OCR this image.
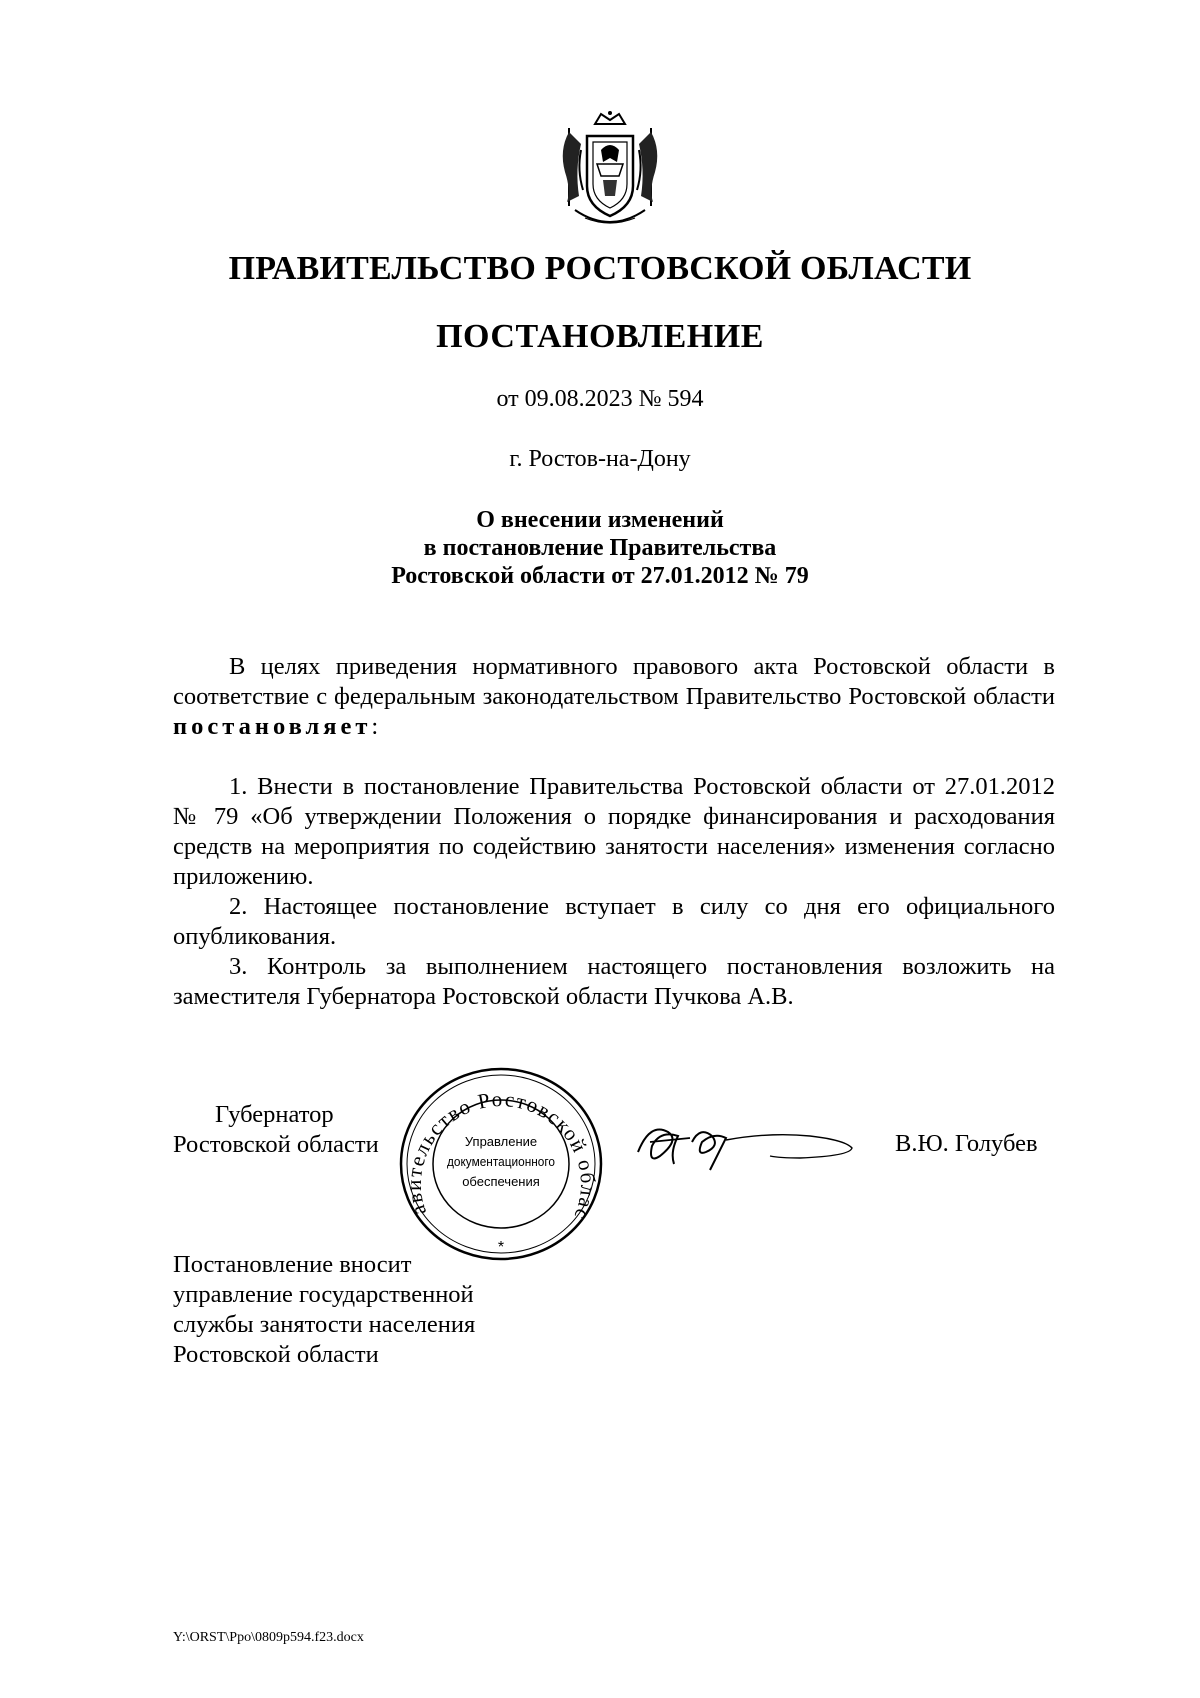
ПРАВИТЕЛЬСТВО РОСТОВСКОЙ ОБЛАСТИ
ПОСТАНОВЛЕНИЕ
от 09.08.2023 № 594
г. Ростов-на-Дону
О внесении изменений
в постановление Правительства
Ростовской области от 27.01.2012 № 79
В целях приведения нормативного правового акта Ростовской области в соответствие с федеральным законодательством Правительство Ростовской области постановляет:
1. Внести в постановление Правительства Ростовской области от 27.01.2012 № 79 «Об утверждении Положения о порядке финансирования и расходования средств на мероприятия по содействию занятости населения» изменения согласно приложению.
2. Настоящее постановление вступает в силу со дня его официального опубликования.
3. Контроль за выполнением настоящего постановления возложить на заместителя Губернатора Ростовской области Пучкова А.В.
Губернатор
Ростовской области
авительство Ростовской облас
Управление
документационного
обеспечения
*
В.Ю. Голубев
Постановление вносит
управление государственной
службы занятости населения
Ростовской области
Y:\ORST\Ppo\0809p594.f23.docx
